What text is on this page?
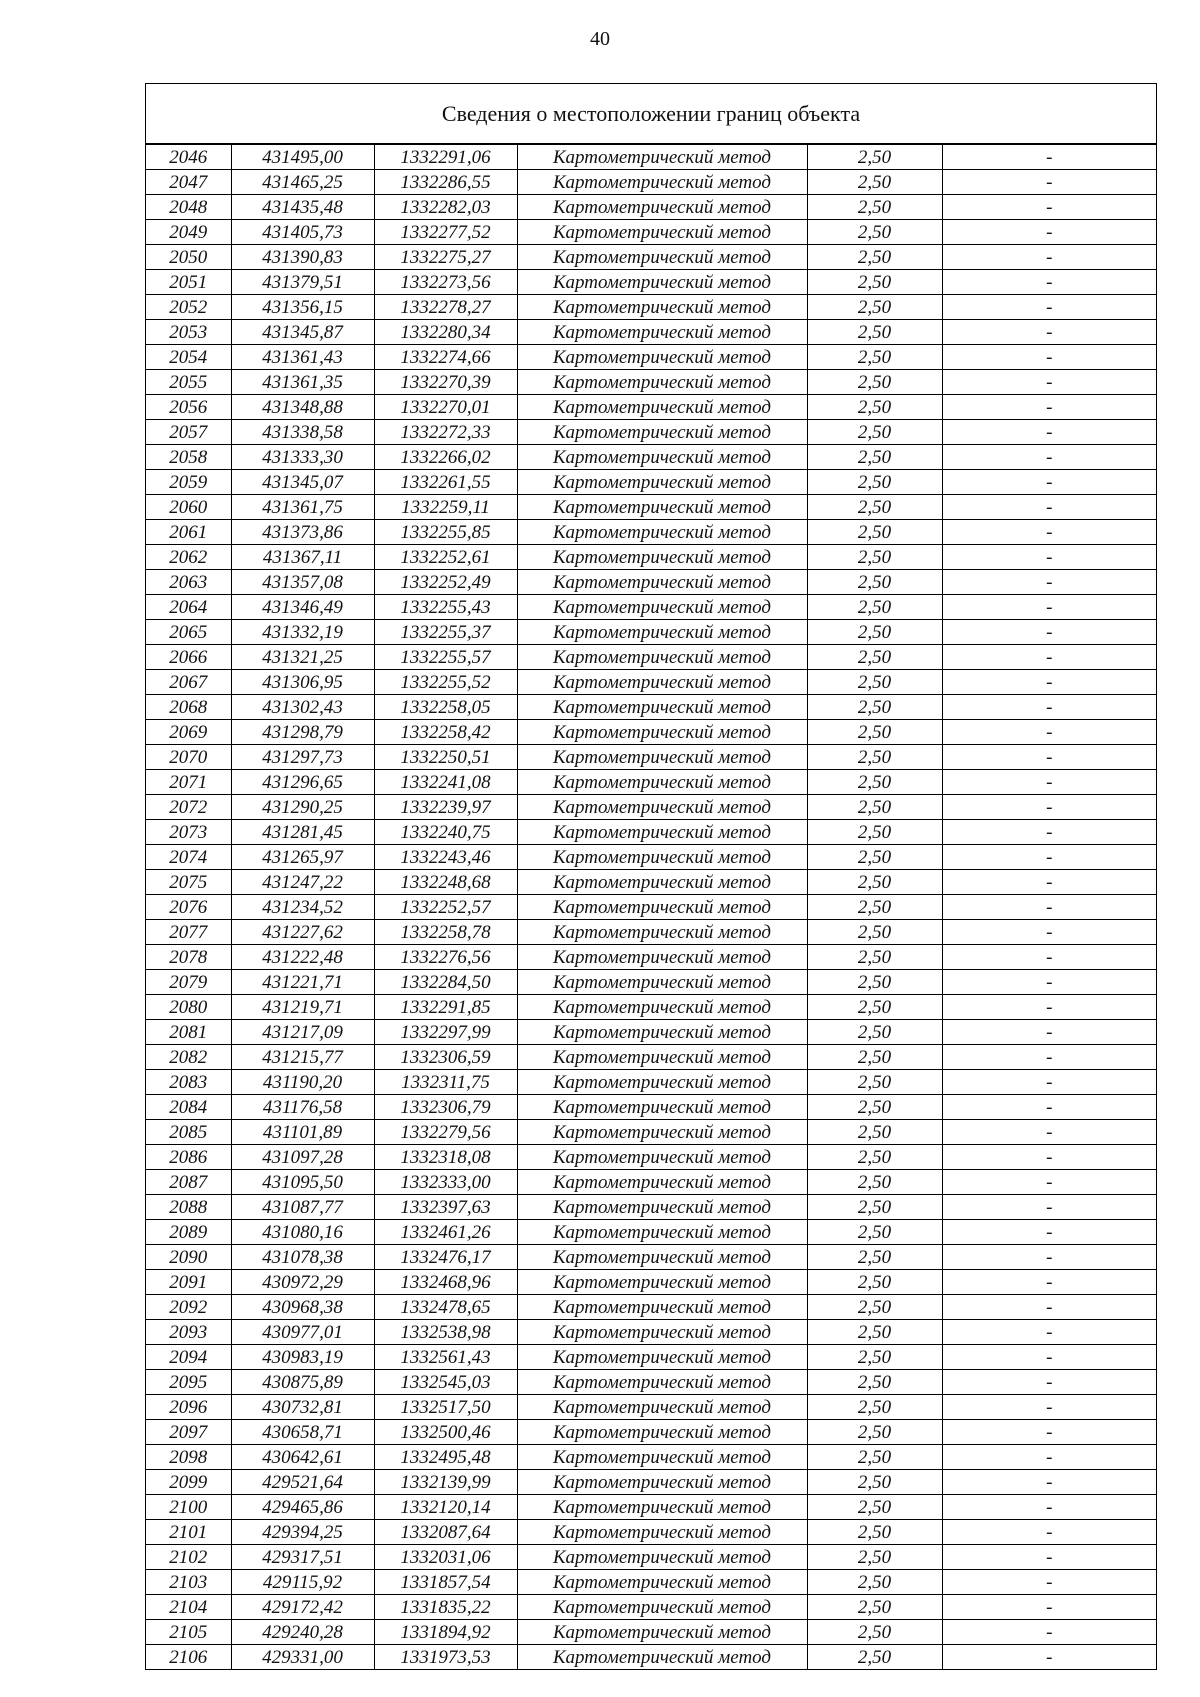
40
Сведения о местоположении границ объекта
2046	431495,00	1332291,06	Картометрический метод	2,50	-
2047	431465,25	1332286,55	Картометрический метод	2,50	-
2048	431435,48	1332282,03	Картометрический метод	2,50	-
2049	431405,73	1332277,52	Картометрический метод	2,50	-
2050	431390,83	1332275,27	Картометрический метод	2,50	-
2051	431379,51	1332273,56	Картометрический метод	2,50	-
2052	431356,15	1332278,27	Картометрический метод	2,50	-
2053	431345,87	1332280,34	Картометрический метод	2,50	-
2054	431361,43	1332274,66	Картометрический метод	2,50	-
2055	431361,35	1332270,39	Картометрический метод	2,50	-
2056	431348,88	1332270,01	Картометрический метод	2,50	-
2057	431338,58	1332272,33	Картометрический метод	2,50	-
2058	431333,30	1332266,02	Картометрический метод	2,50	-
2059	431345,07	1332261,55	Картометрический метод	2,50	-
2060	431361,75	1332259,11	Картометрический метод	2,50	-
2061	431373,86	1332255,85	Картометрический метод	2,50	-
2062	431367,11	1332252,61	Картометрический метод	2,50	-
2063	431357,08	1332252,49	Картометрический метод	2,50	-
2064	431346,49	1332255,43	Картометрический метод	2,50	-
2065	431332,19	1332255,37	Картометрический метод	2,50	-
2066	431321,25	1332255,57	Картометрический метод	2,50	-
2067	431306,95	1332255,52	Картометрический метод	2,50	-
2068	431302,43	1332258,05	Картометрический метод	2,50	-
2069	431298,79	1332258,42	Картометрический метод	2,50	-
2070	431297,73	1332250,51	Картометрический метод	2,50	-
2071	431296,65	1332241,08	Картометрический метод	2,50	-
2072	431290,25	1332239,97	Картометрический метод	2,50	-
2073	431281,45	1332240,75	Картометрический метод	2,50	-
2074	431265,97	1332243,46	Картометрический метод	2,50	-
2075	431247,22	1332248,68	Картометрический метод	2,50	-
2076	431234,52	1332252,57	Картометрический метод	2,50	-
2077	431227,62	1332258,78	Картометрический метод	2,50	-
2078	431222,48	1332276,56	Картометрический метод	2,50	-
2079	431221,71	1332284,50	Картометрический метод	2,50	-
2080	431219,71	1332291,85	Картометрический метод	2,50	-
2081	431217,09	1332297,99	Картометрический метод	2,50	-
2082	431215,77	1332306,59	Картометрический метод	2,50	-
2083	431190,20	1332311,75	Картометрический метод	2,50	-
2084	431176,58	1332306,79	Картометрический метод	2,50	-
2085	431101,89	1332279,56	Картометрический метод	2,50	-
2086	431097,28	1332318,08	Картометрический метод	2,50	-
2087	431095,50	1332333,00	Картометрический метод	2,50	-
2088	431087,77	1332397,63	Картометрический метод	2,50	-
2089	431080,16	1332461,26	Картометрический метод	2,50	-
2090	431078,38	1332476,17	Картометрический метод	2,50	-
2091	430972,29	1332468,96	Картометрический метод	2,50	-
2092	430968,38	1332478,65	Картометрический метод	2,50	-
2093	430977,01	1332538,98	Картометрический метод	2,50	-
2094	430983,19	1332561,43	Картометрический метод	2,50	-
2095	430875,89	1332545,03	Картометрический метод	2,50	-
2096	430732,81	1332517,50	Картометрический метод	2,50	-
2097	430658,71	1332500,46	Картометрический метод	2,50	-
2098	430642,61	1332495,48	Картометрический метод	2,50	-
2099	429521,64	1332139,99	Картометрический метод	2,50	-
2100	429465,86	1332120,14	Картометрический метод	2,50	-
2101	429394,25	1332087,64	Картометрический метод	2,50	-
2102	429317,51	1332031,06	Картометрический метод	2,50	-
2103	429115,92	1331857,54	Картометрический метод	2,50	-
2104	429172,42	1331835,22	Картометрический метод	2,50	-
2105	429240,28	1331894,92	Картометрический метод	2,50	-
2106	429331,00	1331973,53	Картометрический метод	2,50	-
